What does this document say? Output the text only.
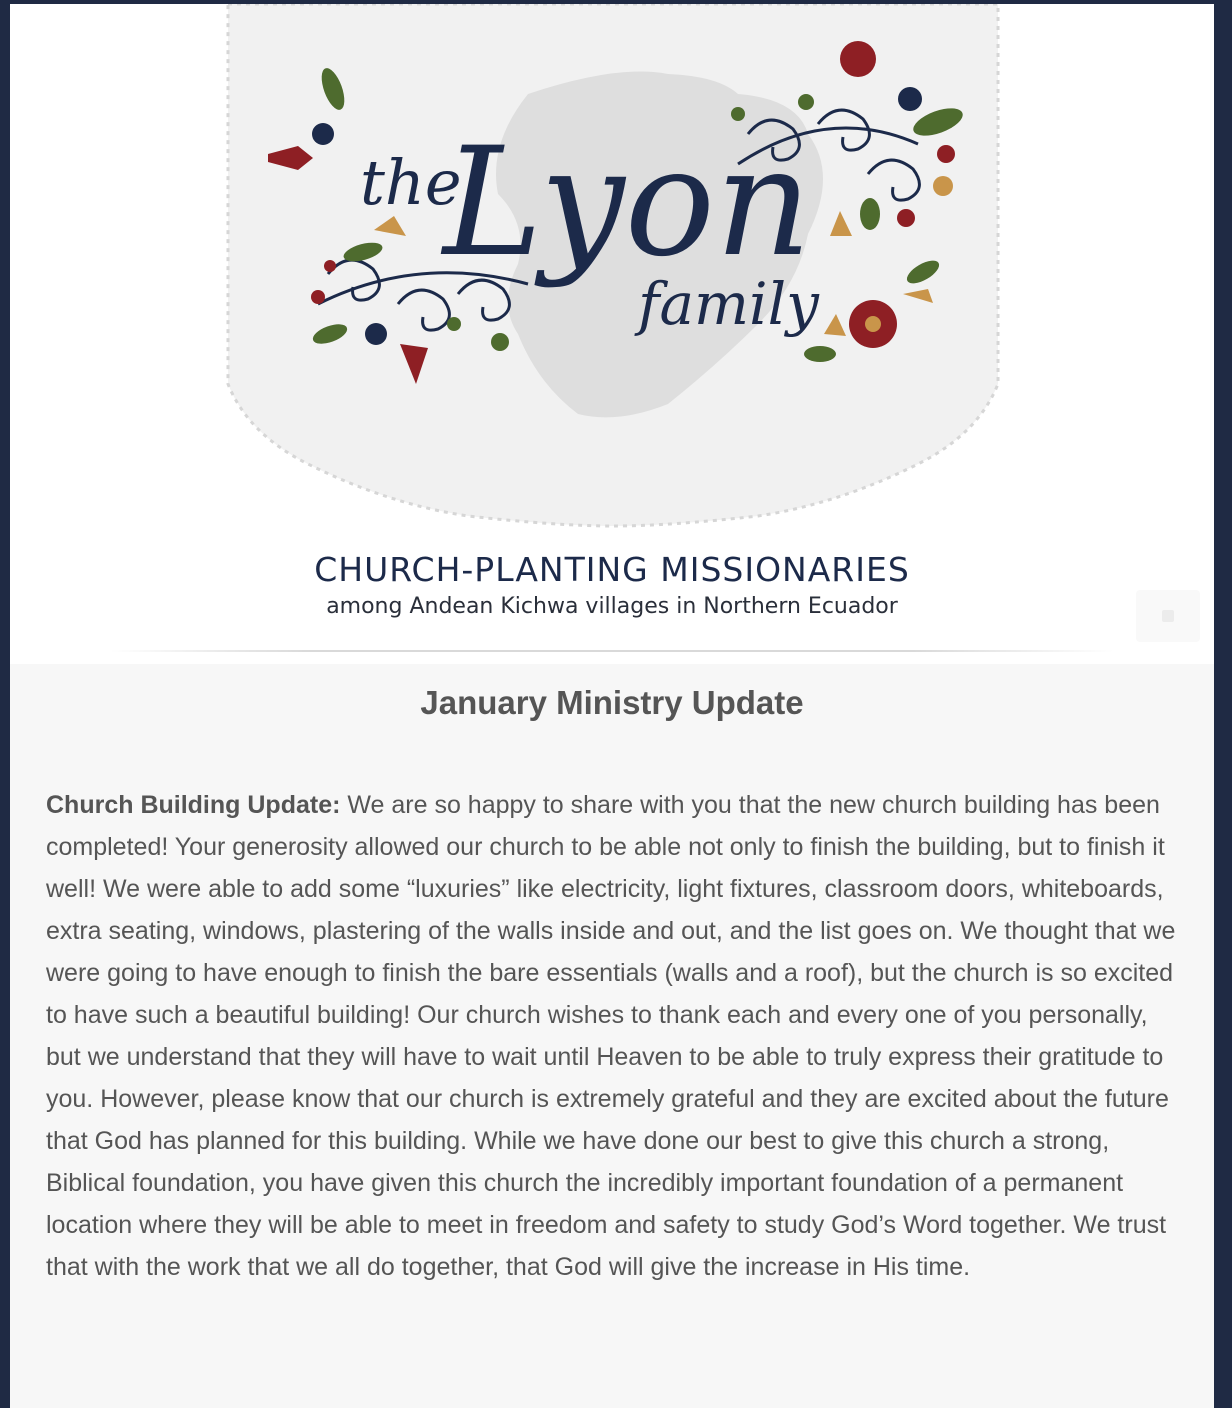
the
Lyon
family
CHURCH-PLANTING MISSIONARIES
among Andean Kichwa villages in Northern Ecuador
January Ministry Update

Church Building Update: We are so happy to share with you that the new church building has been completed! Your generosity allowed our church to be able not only to finish the building, but to finish it well! We were able to add some “luxuries” like electricity, light fixtures, classroom doors, whiteboards, extra seating, windows, plastering of the walls inside and out, and the list goes on. We thought that we were going to have enough to finish the bare essentials (walls and a roof), but the church is so excited to have such a beautiful building! Our church wishes to thank each and every one of you personally, but we understand that they will have to wait until Heaven to be able to truly express their gratitude to you. However, please know that our church is extremely grateful and they are excited about the future that God has planned for this building. While we have done our best to give this church a strong, Biblical foundation, you have given this church the incredibly important foundation of a permanent location where they will be able to meet in freedom and safety to study God’s Word together. We trust that with the work that we all do together, that God will give the increase in His time.
